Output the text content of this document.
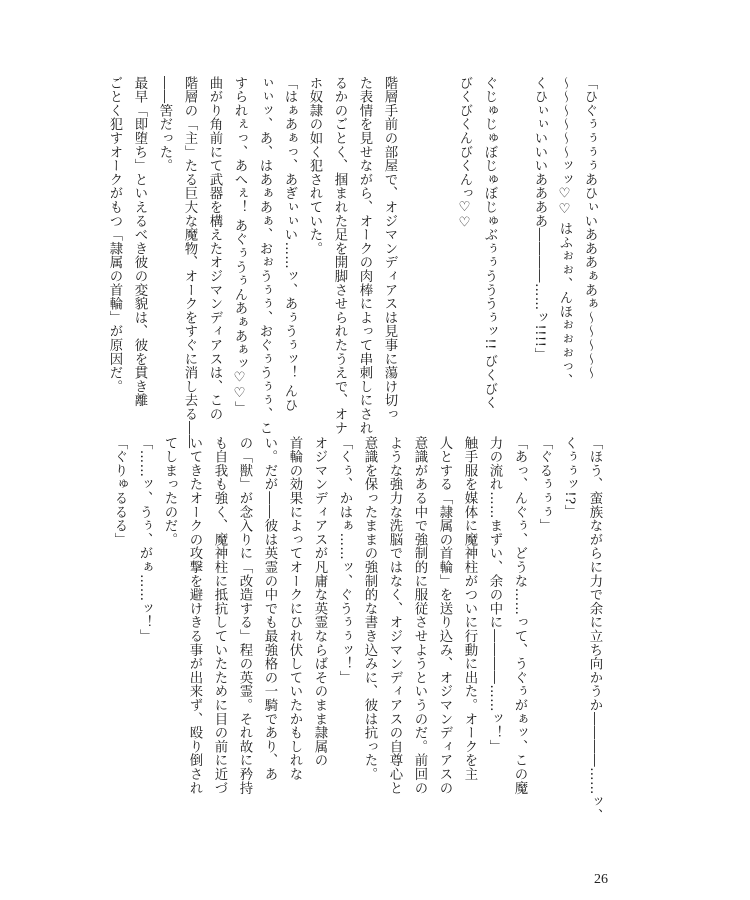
「ひぐぅぅぅぅあひぃいあああぁあぁ～～～～～
～～～～～～ッッ♡♡ はふぉぉ、んほぉぉぉっ、
くひぃぃいいいああああ――――……ッ!!!!」

ぐじゅじゅぼじゅぼじゅぶぅぅうううぅッ!! びくびく
びくびくんびくんっ♡♡

階層手前の部屋で、オジマンディアスは見事に蕩け切っ
た表情を見せながら、オークの肉棒によって串刺しにされ
るかのごとく、掴まれた足を開脚させられたうえで、オナ
ホ奴隷の如く犯されていた。
「はぁあぁっ、あぎぃぃい……ッ、あぅうぅッ！ んひ
ぃぃッ、あ、はあぁあぁ、おぉうぅぅ、おぐぅうぅぅ、こ
すられぇっ、あへぇ！ あぐぅうぅんあぁあぁッ♡♡」
曲がり角前にて武器を構えたオジマンディアスは、この
階層の「主」たる巨大な魔物、オークをすぐに消し去る――
――筈だった。
最早「即堕ち」といえるべき彼の変貌は、彼を貫き離
ごとく犯すオークがもつ「隷属の首輪」が原因だ。
「ほう、蛮族ながらに力で余に立ち向かうか――――……ッ、
くぅぅッ!?」
「ぐるぅぅぅ」
「あっ、んぐぅ、どうな……って、うぐぅがぁッ、この魔
力の流れ……まずい、余の中に――――……ッ！」
触手服を媒体に魔神柱がついに行動に出た。オークを主
人とする「隷属の首輪」を送り込み、オジマンディアスの
意識がある中で強制的に服従させようというのだ。前回の
ような強力な洗脳ではなく、オジマンディアスの自尊心と
意識を保ったままの強制的な書き込みに、彼は抗った。
「くぅ、かはぁ……ッ、ぐうぅぅッ！」
オジマンディアスが凡庸な英霊ならばそのまま隷属の
首輪の効果によってオークにひれ伏していたかもしれな
い。だが――彼は英霊の中でも最強格の一騎であり、あ
の「獣」が念入りに「改造する」程の英霊。それ故に矜持
も自我も強く、魔神柱に抵抗していたために目の前に近づ
いてきたオークの攻撃を避けきる事が出来ず、殴り倒され
てしまったのだ。
「……ッ、うぅ、がぁ……ッ！」
「ぐりゅるるる」
26
